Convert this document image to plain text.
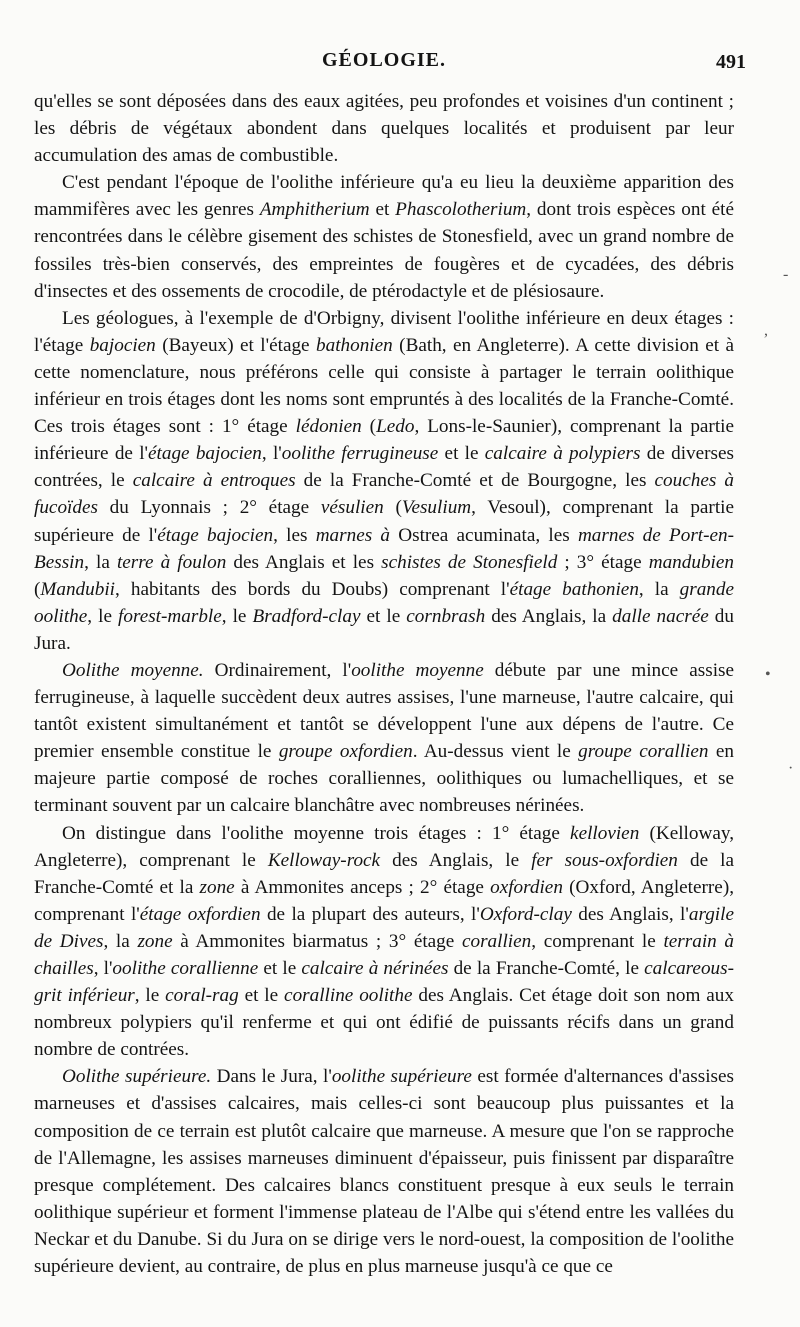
GÉOLOGIE.	491

qu'elles se sont déposées dans des eaux agitées, peu profondes et voisines d'un continent ; les débris de végétaux abondent dans quelques localités et produisent par leur accumulation des amas de combustible.

C'est pendant l'époque de l'oolithe inférieure qu'a eu lieu la deuxième apparition des mammifères avec les genres Amphitherium et Phascolotherium, dont trois espèces ont été rencontrées dans le célèbre gisement des schistes de Stonesfield, avec un grand nombre de fossiles très-bien conservés, des empreintes de fougères et de cycadées, des débris d'insectes et des ossements de crocodile, de ptérodactyle et de plésiosaure.

Les géologues, à l'exemple de d'Orbigny, divisent l'oolithe inférieure en deux étages : l'étage bajocien (Bayeux) et l'étage bathonien (Bath, en Angleterre). A cette division et à cette nomenclature, nous préférons celle qui consiste à partager le terrain oolithique inférieur en trois étages dont les noms sont empruntés à des localités de la Franche-Comté. Ces trois étages sont : 1° étage lédonien (Ledo, Lons-le-Saunier), comprenant la partie inférieure de l'étage bajocien, l'oolithe ferrugineuse et le calcaire à polypiers de diverses contrées, le calcaire à entroques de la Franche-Comté et de Bourgogne, les couches à fucoïdes du Lyonnais ; 2° étage vésulien (Vesulium, Vesoul), comprenant la partie supérieure de l'étage bajocien, les marnes à Ostrea acuminata, les marnes de Port-en-Bessin, la terre à foulon des Anglais et les schistes de Stonesfield ; 3° étage mandubien (Mandubii, habitants des bords du Doubs) comprenant l'étage bathonien, la grande oolithe, le forest-marble, le Bradford-clay et le cornbrash des Anglais, la dalle nacrée du Jura.

Oolithe moyenne. Ordinairement, l'oolithe moyenne débute par une mince assise ferrugineuse, à laquelle succèdent deux autres assises, l'une marneuse, l'autre calcaire, qui tantôt existent simultanément et tantôt se développent l'une aux dépens de l'autre. Ce premier ensemble constitue le groupe oxfordien. Au-dessus vient le groupe corallien en majeure partie composé de roches coralliennes, oolithiques ou lumachelliques, et se terminant souvent par un calcaire blanchâtre avec nombreuses nérinées.

On distingue dans l'oolithe moyenne trois étages : 1° étage kellovien (Kelloway, Angleterre), comprenant le Kelloway-rock des Anglais, le fer sous-oxfordien de la Franche-Comté et la zone à Ammonites anceps ; 2° étage oxfordien (Oxford, Angleterre), comprenant l'étage oxfordien de la plupart des auteurs, l'Oxford-clay des Anglais, l'argile de Dives, la zone à Ammonites biarmatus ; 3° étage corallien, comprenant le terrain à chailles, l'oolithe corallienne et le calcaire à nérinées de la Franche-Comté, le calcareous-grit inférieur, le coral-rag et le coralline oolithe des Anglais. Cet étage doit son nom aux nombreux polypiers qu'il renferme et qui ont édifié de puissants récifs dans un grand nombre de contrées.

Oolithe supérieure. Dans le Jura, l'oolithe supérieure est formée d'alternances d'assises marneuses et d'assises calcaires, mais celles-ci sont beaucoup plus puissantes et la composition de ce terrain est plutôt calcaire que marneuse. A mesure que l'on se rapproche de l'Allemagne, les assises marneuses diminuent d'épaisseur, puis finissent par disparaître presque complétement. Des calcaires blancs constituent presque à eux seuls le terrain oolithique supérieur et forment l'immense plateau de l'Albe qui s'étend entre les vallées du Neckar et du Danube. Si du Jura on se dirige vers le nord-ouest, la composition de l'oolithe supérieure devient, au contraire, de plus en plus marneuse jusqu'à ce que ce

-
,
•
·
